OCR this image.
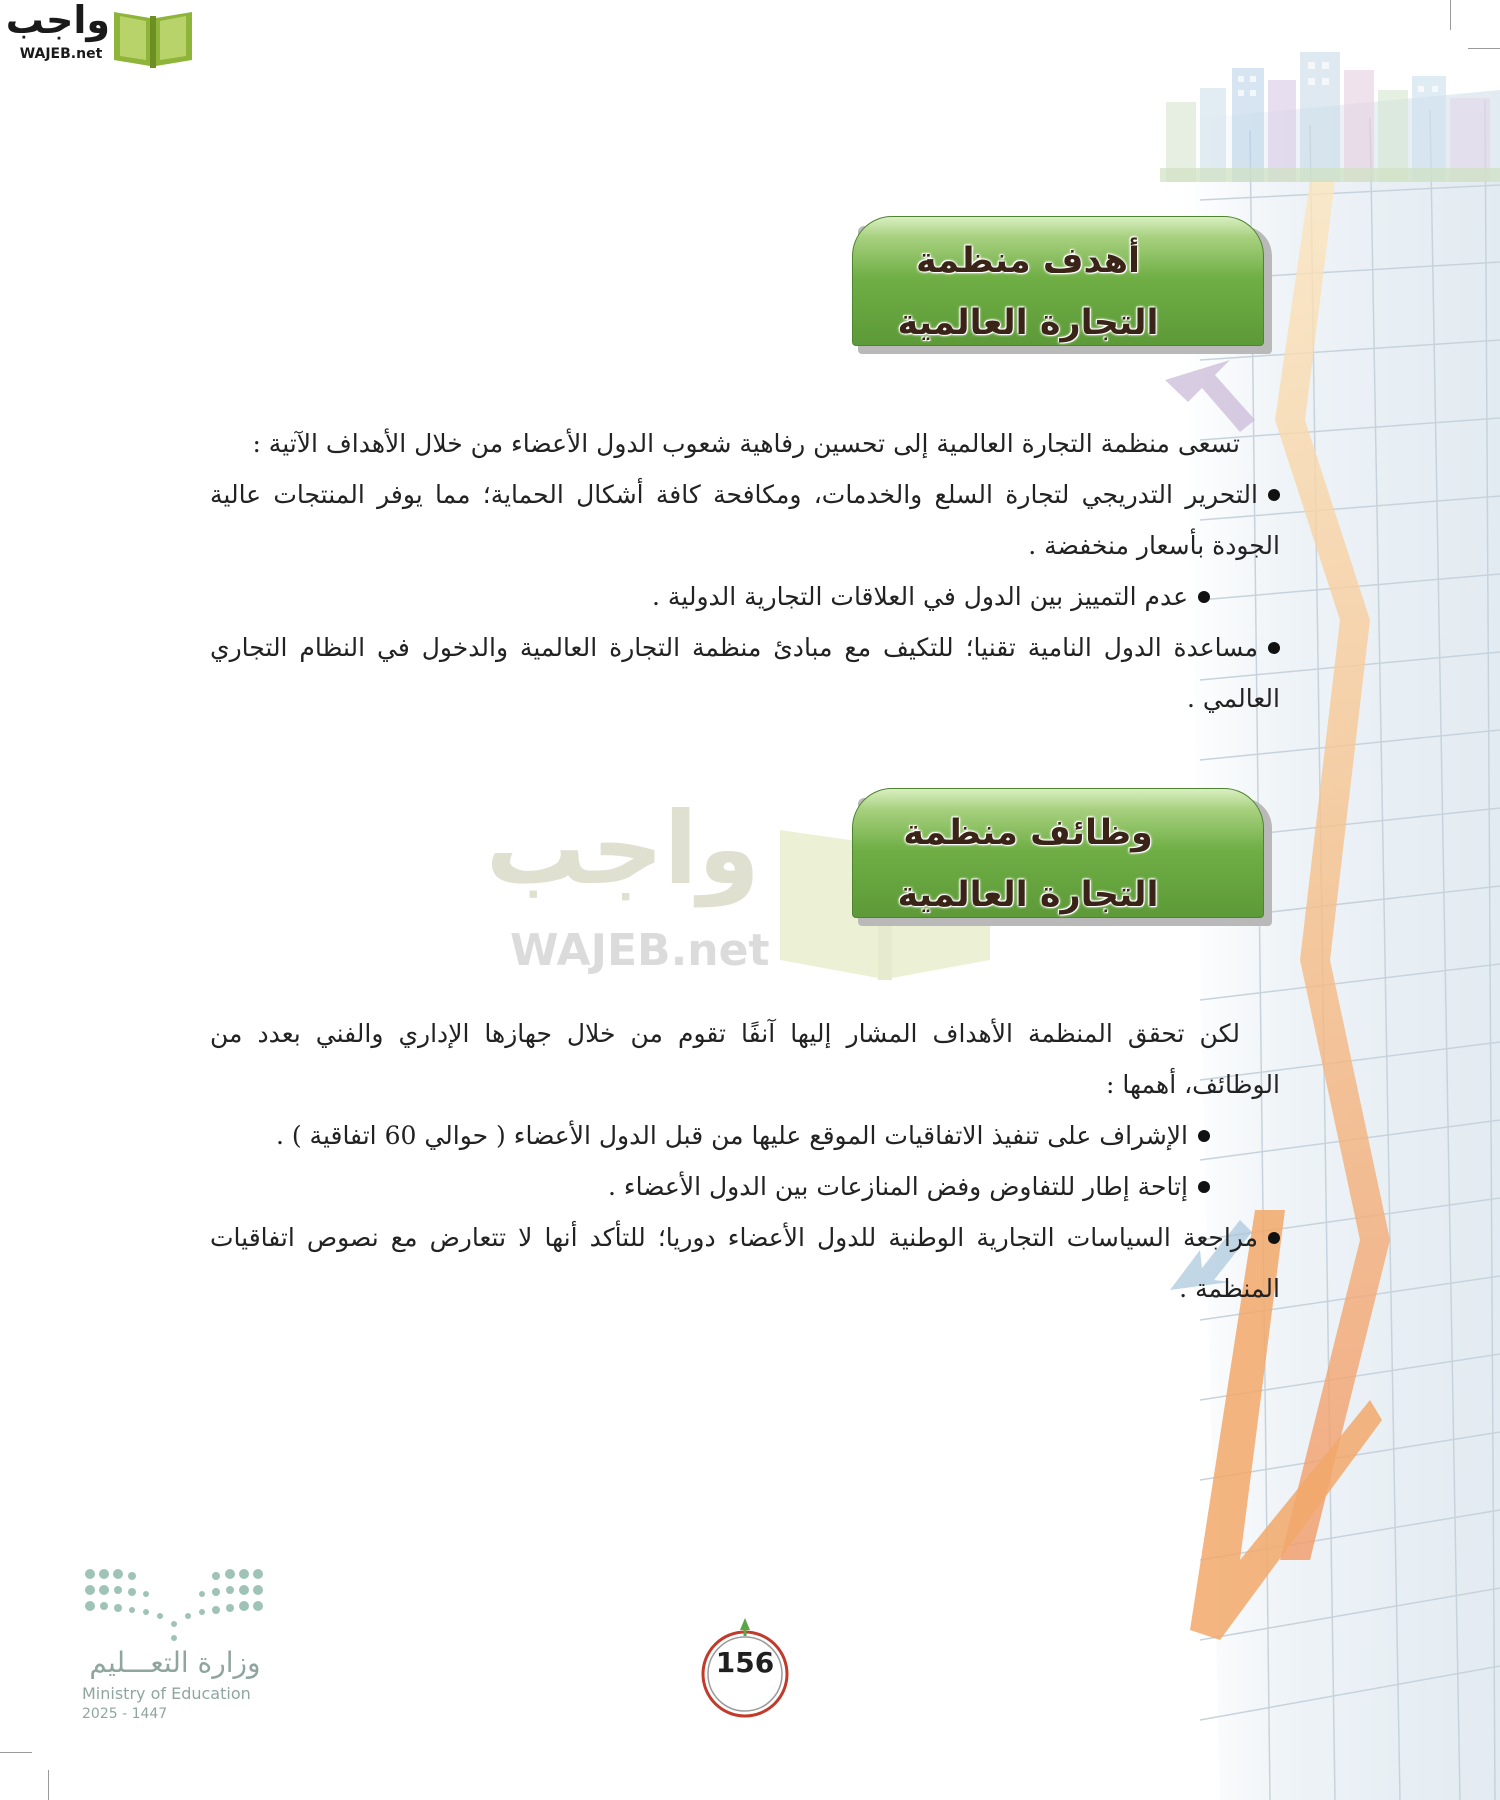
واجب
WAJEB.net
أهدف منظمة
التجارة العالمية
تسعى منظمة التجارة العالمية إلى تحسين رفاهية شعوب الدول الأعضاء من خلال الأهداف الآتية :
التحرير التدريجي لتجارة السلع والخدمات، ومكافحة كافة أشكال الحماية؛ مما يوفر المنتجات عالية الجودة بأسعار منخفضة .
عدم التمييز بين الدول في العلاقات التجارية الدولية .
مساعدة الدول النامية تقنيا؛ للتكيف مع مبادئ منظمة التجارة العالمية والدخول في النظام التجاري العالمي .
واجب
WAJEB.net
وظائف منظمة
التجارة العالمية
لكن تحقق المنظمة الأهداف المشار إليها آنفًا تقوم من خلال جهازها الإداري والفني بعدد من الوظائف، أهمها :
الإشراف على تنفيذ الاتفاقيات الموقع عليها من قبل الدول الأعضاء ( حوالي 60 اتفاقية ) .
إتاحة إطار للتفاوض وفض المنازعات بين الدول الأعضاء .
مراجعة السياسات التجارية الوطنية للدول الأعضاء دوريا؛ للتأكد أنها لا تتعارض مع نصوص اتفاقيات المنظمة .
وزارة التعـــليم
Ministry of Education
2025 - 1447
156
